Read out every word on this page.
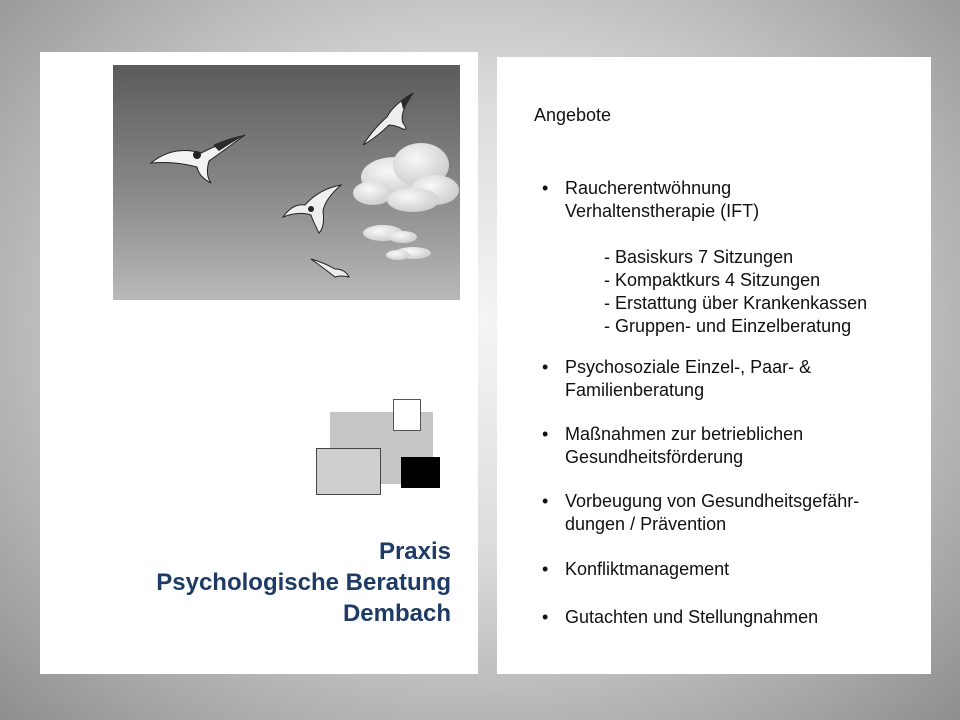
Praxis
Psychologische Beratung
Dembach
Angebote
• Raucherentwöhnung
Verhaltenstherapie (IFT)
- Basiskurs 7 Sitzungen
- Kompaktkurs 4 Sitzungen
- Erstattung über Krankenkassen
- Gruppen- und Einzelberatung
• Psychosoziale Einzel-, Paar- &
Familienberatung
• Maßnahmen zur betrieblichen
Gesundheitsförderung
• Vorbeugung von Gesundheitsgefähr-
dungen / Prävention
• Konfliktmanagement
• Gutachten und Stellungnahmen
